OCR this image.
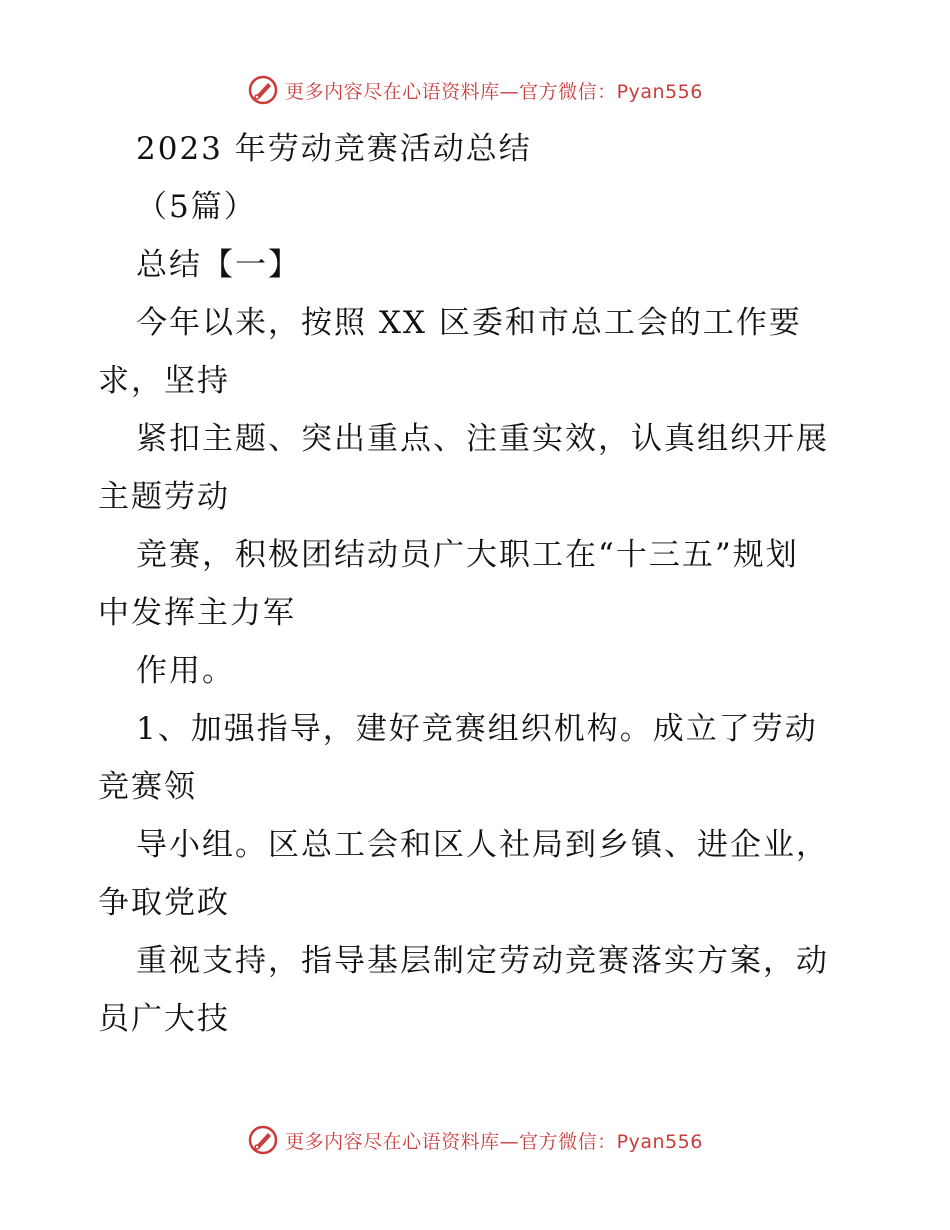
更多内容尽在心语资料库—官方微信：Pyan556
2023 年劳动竞赛活动总结
（5篇）
总结【一】
今年以来，按照 XX 区委和市总工会的工作要
求，坚持
紧扣主题、突出重点、注重实效，认真组织开展
主题劳动
竞赛，积极团结动员广大职工在“十三五”规划
中发挥主力军
作用。
1、加强指导，建好竞赛组织机构。成立了劳动
竞赛领
导小组。区总工会和区人社局到乡镇、进企业，
争取党政
重视支持，指导基层制定劳动竞赛落实方案，动
员广大技
更多内容尽在心语资料库—官方微信：Pyan556
